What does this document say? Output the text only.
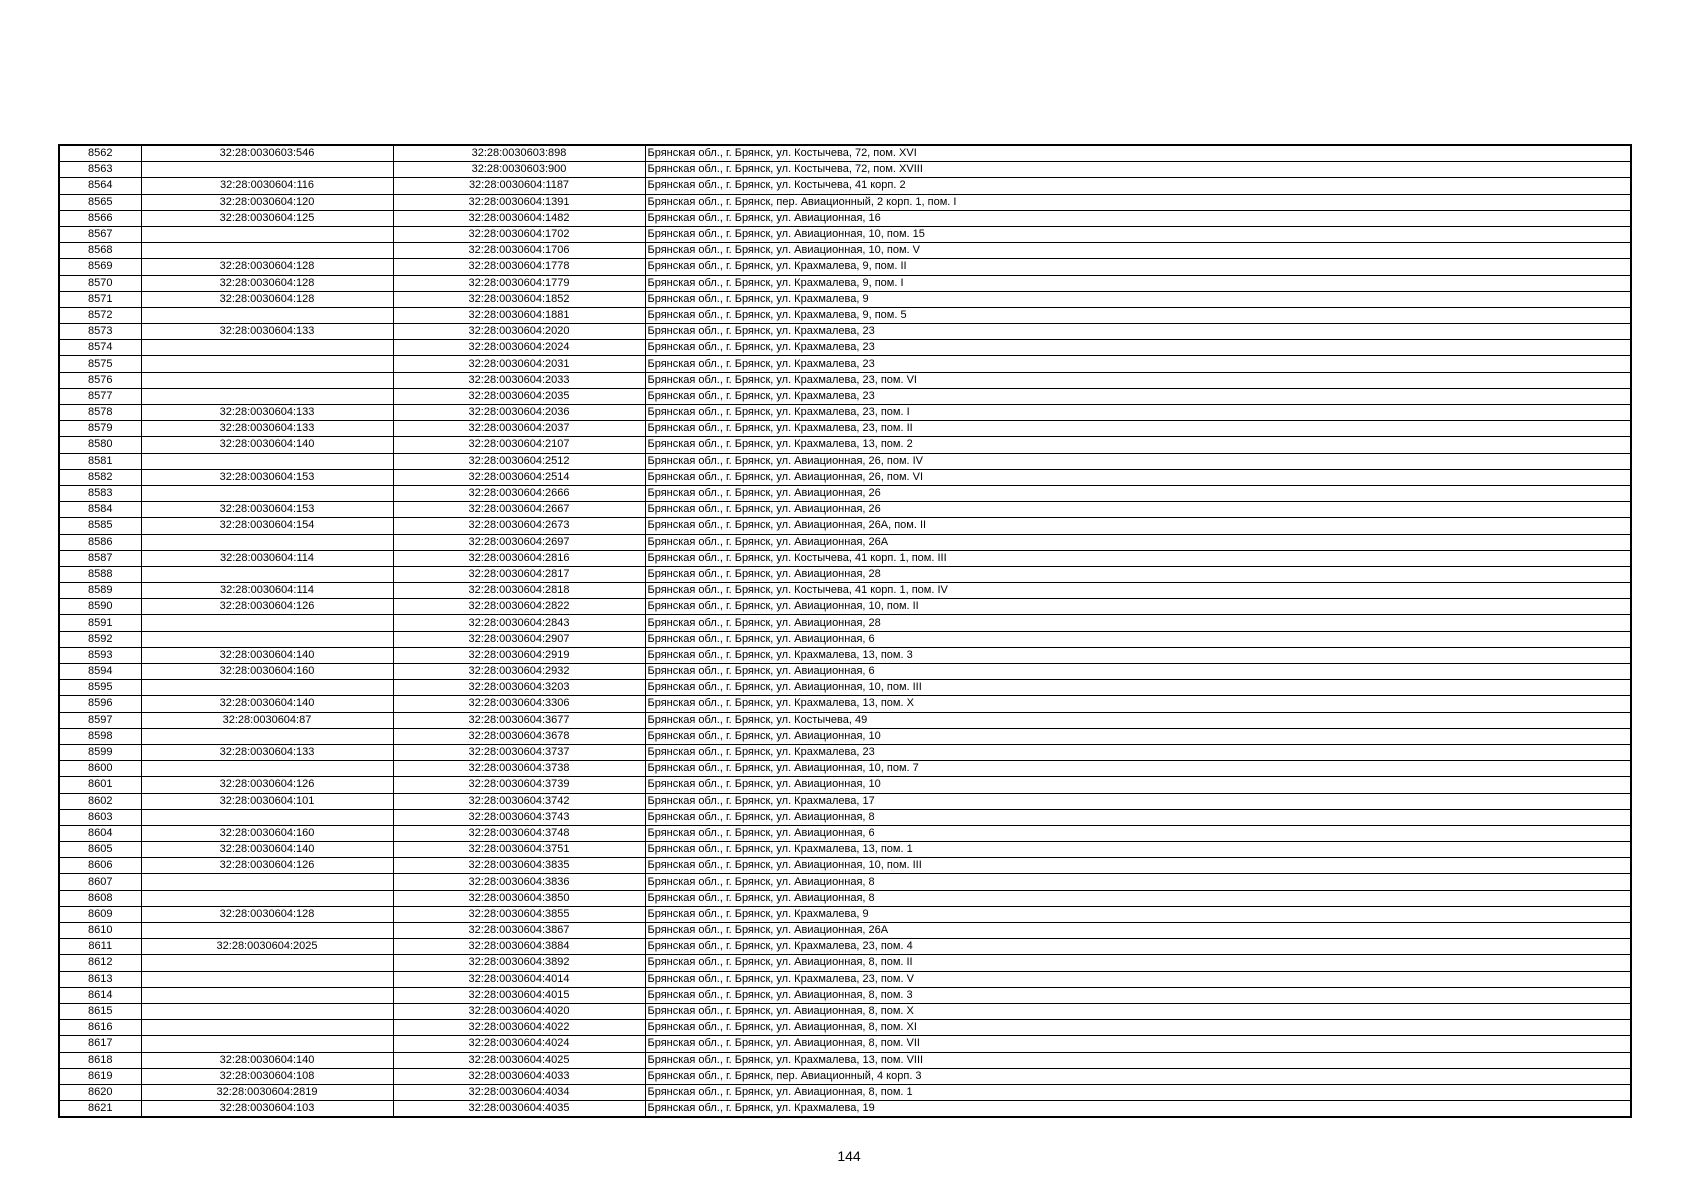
8562	32:28:0030603:546	32:28:0030603:898	Брянская обл., г. Брянск, ул. Костычева, 72, пом. XVI
8563		32:28:0030603:900	Брянская обл., г. Брянск, ул. Костычева, 72, пом. XVIII
8564	32:28:0030604:116	32:28:0030604:1187	Брянская обл., г. Брянск, ул. Костычева, 41 корп. 2
8565	32:28:0030604:120	32:28:0030604:1391	Брянская обл., г. Брянск, пер. Авиационный, 2 корп. 1, пом. I
8566	32:28:0030604:125	32:28:0030604:1482	Брянская обл., г. Брянск, ул. Авиационная, 16
8567		32:28:0030604:1702	Брянская обл., г. Брянск, ул. Авиационная, 10, пом. 15
8568		32:28:0030604:1706	Брянская обл., г. Брянск, ул. Авиационная, 10, пом. V
8569	32:28:0030604:128	32:28:0030604:1778	Брянская обл., г. Брянск, ул. Крахмалева, 9, пом. II
8570	32:28:0030604:128	32:28:0030604:1779	Брянская обл., г. Брянск, ул. Крахмалева, 9, пом. I
8571	32:28:0030604:128	32:28:0030604:1852	Брянская обл., г. Брянск, ул. Крахмалева, 9
8572		32:28:0030604:1881	Брянская обл., г. Брянск, ул. Крахмалева, 9, пом. 5
8573	32:28:0030604:133	32:28:0030604:2020	Брянская обл., г. Брянск, ул. Крахмалева, 23
8574		32:28:0030604:2024	Брянская обл., г. Брянск, ул. Крахмалева, 23
8575		32:28:0030604:2031	Брянская обл., г. Брянск, ул. Крахмалева, 23
8576		32:28:0030604:2033	Брянская обл., г. Брянск, ул. Крахмалева, 23, пом. VI
8577		32:28:0030604:2035	Брянская обл., г. Брянск, ул. Крахмалева, 23
8578	32:28:0030604:133	32:28:0030604:2036	Брянская обл., г. Брянск, ул. Крахмалева, 23, пом. I
8579	32:28:0030604:133	32:28:0030604:2037	Брянская обл., г. Брянск, ул. Крахмалева, 23, пом. II
8580	32:28:0030604:140	32:28:0030604:2107	Брянская обл., г. Брянск, ул. Крахмалева, 13, пом. 2
8581		32:28:0030604:2512	Брянская обл., г. Брянск, ул. Авиационная, 26, пом. IV
8582	32:28:0030604:153	32:28:0030604:2514	Брянская обл., г. Брянск, ул. Авиационная, 26, пом. VI
8583		32:28:0030604:2666	Брянская обл., г. Брянск, ул. Авиационная, 26
8584	32:28:0030604:153	32:28:0030604:2667	Брянская обл., г. Брянск, ул. Авиационная, 26
8585	32:28:0030604:154	32:28:0030604:2673	Брянская обл., г. Брянск, ул. Авиационная, 26А, пом. II
8586		32:28:0030604:2697	Брянская обл., г. Брянск, ул. Авиационная, 26А
8587	32:28:0030604:114	32:28:0030604:2816	Брянская обл., г. Брянск, ул. Костычева, 41 корп. 1, пом. III
8588		32:28:0030604:2817	Брянская обл., г. Брянск, ул. Авиационная, 28
8589	32:28:0030604:114	32:28:0030604:2818	Брянская обл., г. Брянск, ул. Костычева, 41 корп. 1, пом. IV
8590	32:28:0030604:126	32:28:0030604:2822	Брянская обл., г. Брянск, ул. Авиационная, 10, пом. II
8591		32:28:0030604:2843	Брянская обл., г. Брянск, ул. Авиационная, 28
8592		32:28:0030604:2907	Брянская обл., г. Брянск, ул. Авиационная, 6
8593	32:28:0030604:140	32:28:0030604:2919	Брянская обл., г. Брянск, ул. Крахмалева, 13, пом. 3
8594	32:28:0030604:160	32:28:0030604:2932	Брянская обл., г. Брянск, ул. Авиационная, 6
8595		32:28:0030604:3203	Брянская обл., г. Брянск, ул. Авиационная, 10, пом. III
8596	32:28:0030604:140	32:28:0030604:3306	Брянская обл., г. Брянск, ул. Крахмалева, 13, пом. X
8597	32:28:0030604:87	32:28:0030604:3677	Брянская обл., г. Брянск, ул. Костычева, 49
8598		32:28:0030604:3678	Брянская обл., г. Брянск, ул. Авиационная, 10
8599	32:28:0030604:133	32:28:0030604:3737	Брянская обл., г. Брянск, ул. Крахмалева, 23
8600		32:28:0030604:3738	Брянская обл., г. Брянск, ул. Авиационная, 10, пом. 7
8601	32:28:0030604:126	32:28:0030604:3739	Брянская обл., г. Брянск, ул. Авиационная, 10
8602	32:28:0030604:101	32:28:0030604:3742	Брянская обл., г. Брянск, ул. Крахмалева, 17
8603		32:28:0030604:3743	Брянская обл., г. Брянск, ул. Авиационная, 8
8604	32:28:0030604:160	32:28:0030604:3748	Брянская обл., г. Брянск, ул. Авиационная, 6
8605	32:28:0030604:140	32:28:0030604:3751	Брянская обл., г. Брянск, ул. Крахмалева, 13, пом. 1
8606	32:28:0030604:126	32:28:0030604:3835	Брянская обл., г. Брянск, ул. Авиационная, 10, пом. III
8607		32:28:0030604:3836	Брянская обл., г. Брянск, ул. Авиационная, 8
8608		32:28:0030604:3850	Брянская обл., г. Брянск, ул. Авиационная, 8
8609	32:28:0030604:128	32:28:0030604:3855	Брянская обл., г. Брянск, ул. Крахмалева, 9
8610		32:28:0030604:3867	Брянская обл., г. Брянск, ул. Авиационная, 26А
8611	32:28:0030604:2025	32:28:0030604:3884	Брянская обл., г. Брянск, ул. Крахмалева, 23, пом. 4
8612		32:28:0030604:3892	Брянская обл., г. Брянск, ул. Авиационная, 8, пом. II
8613		32:28:0030604:4014	Брянская обл., г. Брянск, ул. Крахмалева, 23, пом. V
8614		32:28:0030604:4015	Брянская обл., г. Брянск, ул. Авиационная, 8, пом. 3
8615		32:28:0030604:4020	Брянская обл., г. Брянск, ул. Авиационная, 8, пом. X
8616		32:28:0030604:4022	Брянская обл., г. Брянск, ул. Авиационная, 8, пом. XI
8617		32:28:0030604:4024	Брянская обл., г. Брянск, ул. Авиационная, 8, пом. VII
8618	32:28:0030604:140	32:28:0030604:4025	Брянская обл., г. Брянск, ул. Крахмалева, 13, пом. VIII
8619	32:28:0030604:108	32:28:0030604:4033	Брянская обл., г. Брянск, пер. Авиационный, 4 корп. 3
8620	32:28:0030604:2819	32:28:0030604:4034	Брянская обл., г. Брянск, ул. Авиационная, 8, пом. 1
8621	32:28:0030604:103	32:28:0030604:4035	Брянская обл., г. Брянск, ул. Крахмалева, 19
144
